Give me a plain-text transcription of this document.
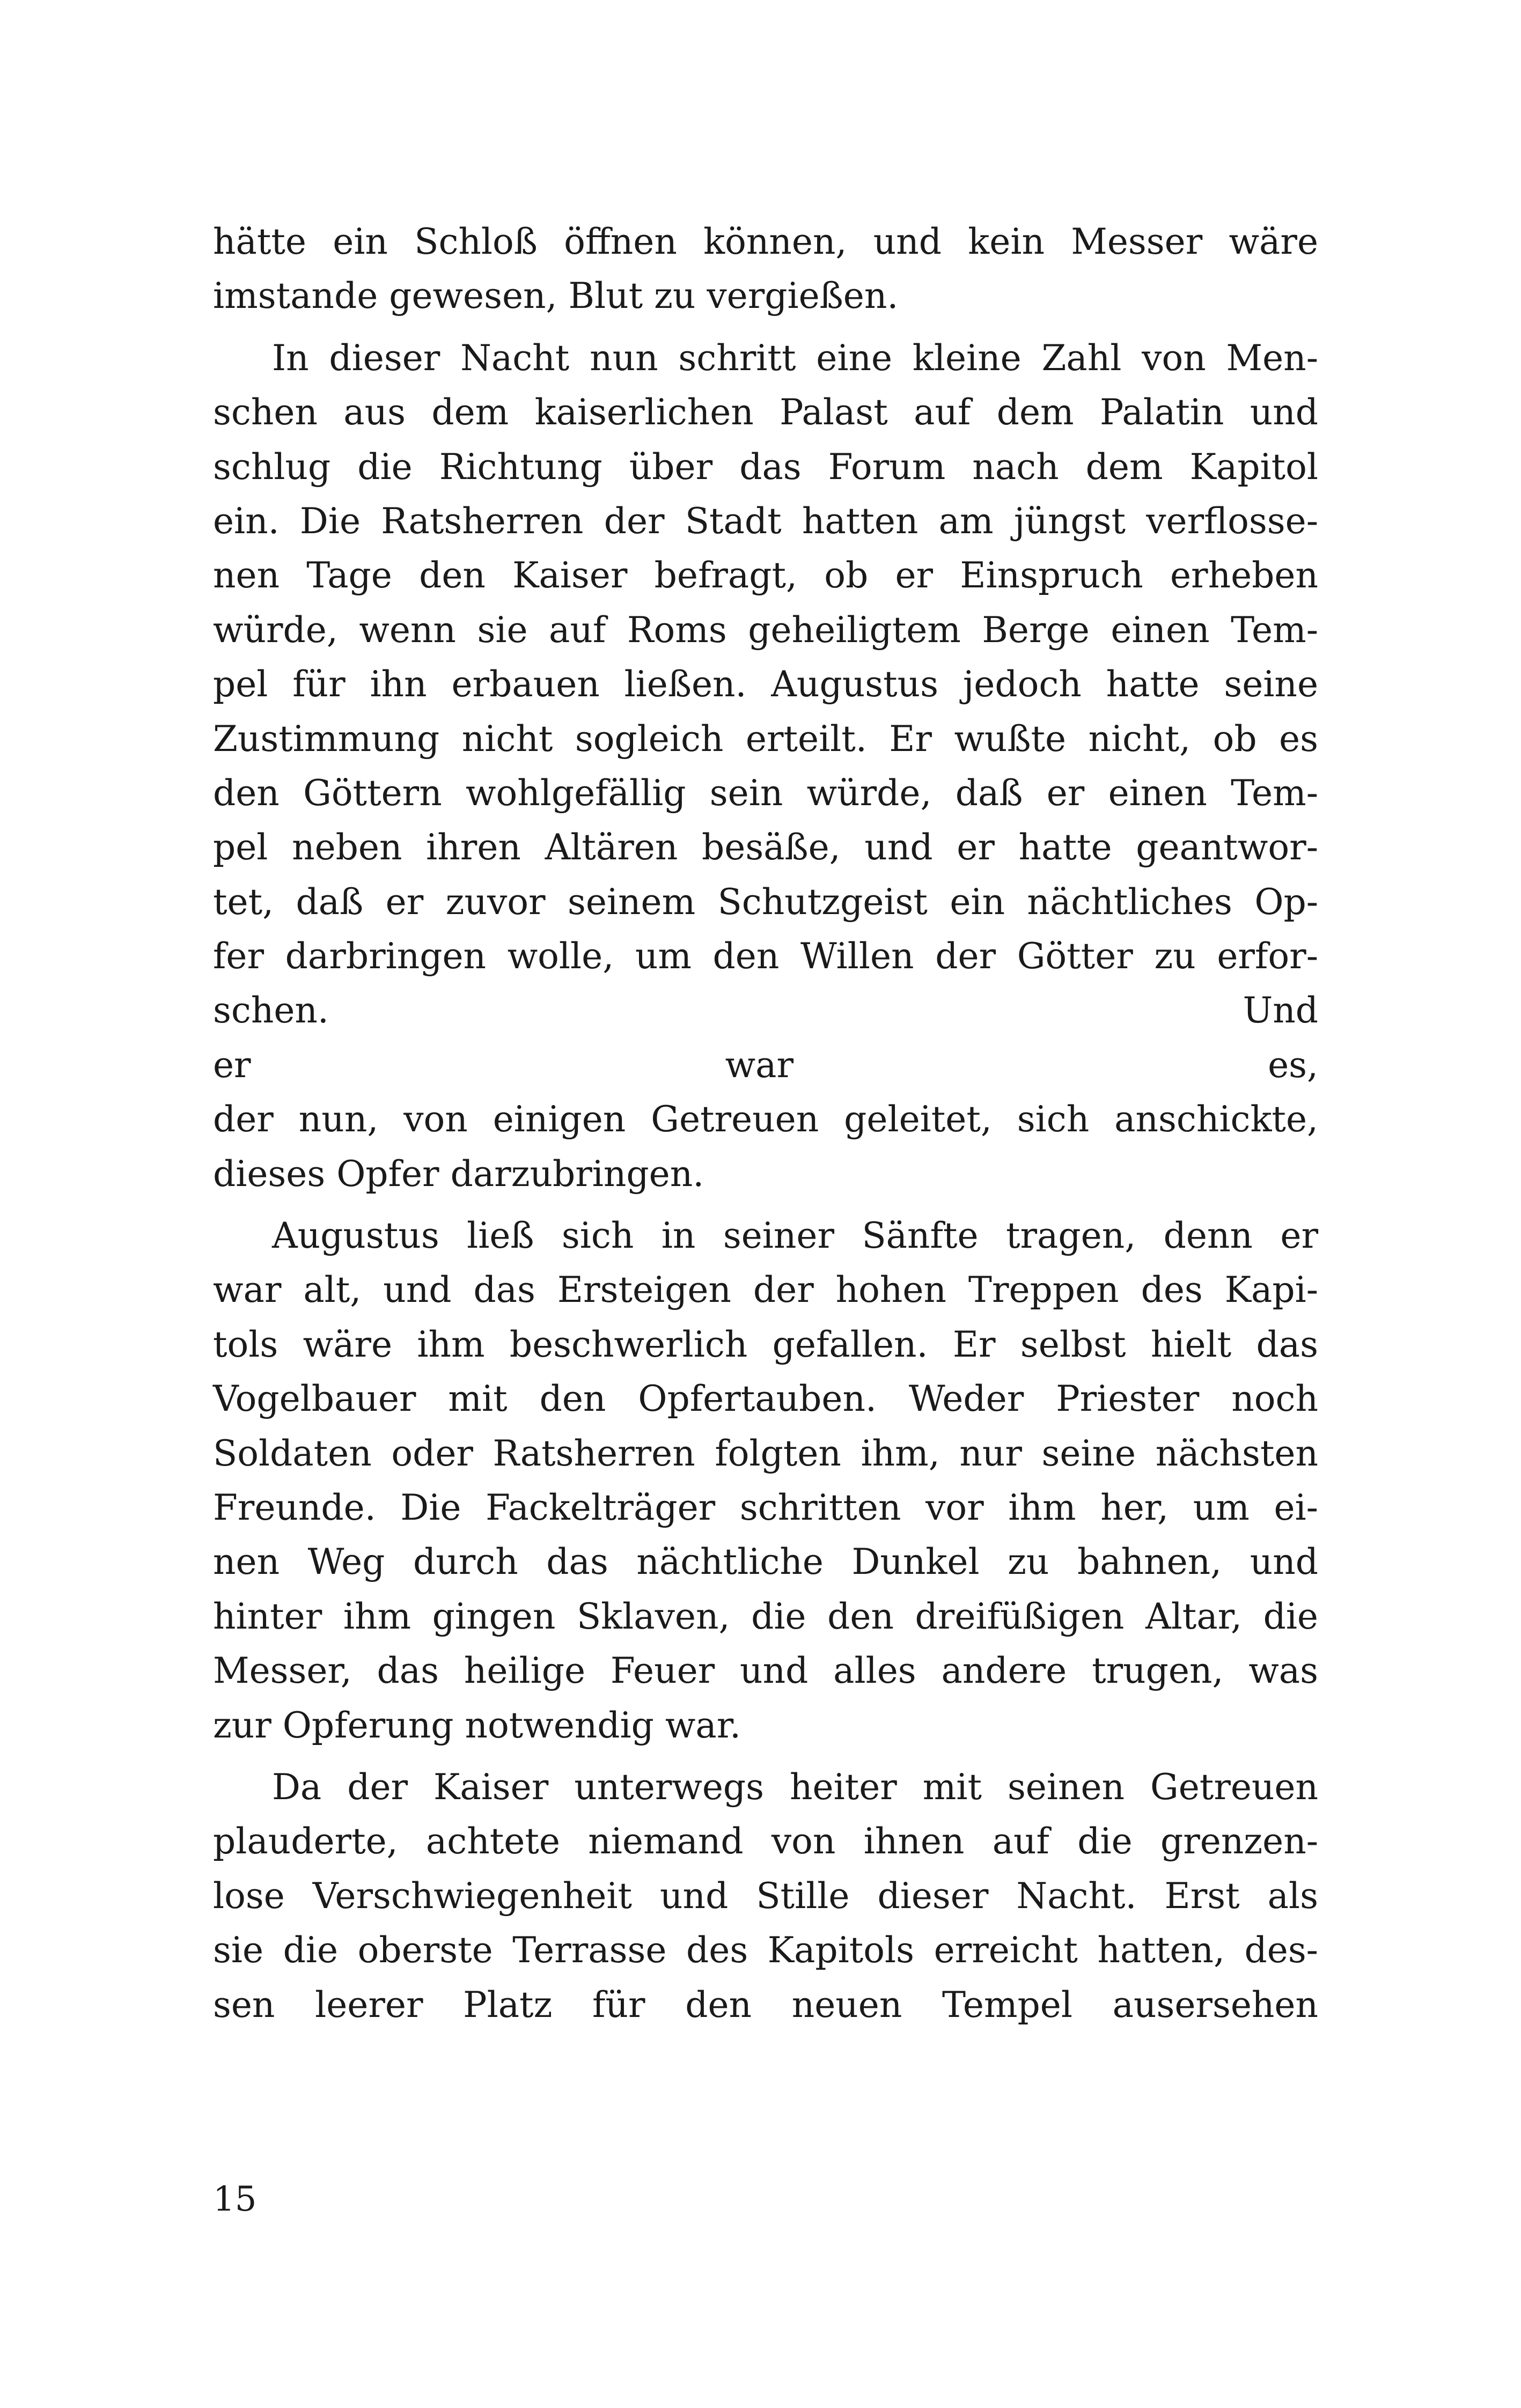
hätte ein Schloß öffnen können, und kein Messer wäre
imstande gewesen, Blut zu vergießen.
In dieser Nacht nun schritt eine kleine Zahl von Men-
schen aus dem kaiserlichen Palast auf dem Palatin und
schlug die Richtung über das Forum nach dem Kapitol
ein. Die Ratsherren der Stadt hatten am jüngst verflosse-
nen Tage den Kaiser befragt, ob er Einspruch erheben
würde, wenn sie auf Roms geheiligtem Berge einen Tem-
pel für ihn erbauen ließen. Augustus jedoch hatte seine
Zustimmung nicht sogleich erteilt. Er wußte nicht, ob es
den Göttern wohlgefällig sein würde, daß er einen Tem-
pel neben ihren Altären besäße, und er hatte geantwor-
tet, daß er zuvor seinem Schutzgeist ein nächtliches Op-
fer darbringen wolle, um den Willen der Götter zu erfor-
schen. Und
er war es,
der nun, von einigen Getreuen geleitet, sich anschickte,
dieses Opfer darzubringen.
Augustus ließ sich in seiner Sänfte tragen, denn er
war alt, und das Ersteigen der hohen Treppen des Kapi-
tols wäre ihm beschwerlich gefallen. Er selbst hielt das
Vogelbauer mit den Opfertauben. Weder Priester noch
Soldaten oder Ratsherren folgten ihm, nur seine nächsten
Freunde. Die Fackelträger schritten vor ihm her, um ei-
nen Weg durch das nächtliche Dunkel zu bahnen, und
hinter ihm gingen Sklaven, die den dreifüßigen Altar, die
Messer, das heilige Feuer und alles andere trugen, was
zur Opferung notwendig war.
Da der Kaiser unterwegs heiter mit seinen Getreuen
plauderte, achtete niemand von ihnen auf die grenzen-
lose Verschwiegenheit und Stille dieser Nacht. Erst als
sie die oberste Terrasse des Kapitols erreicht hatten, des-
sen leerer Platz für den neuen Tempel ausersehen
15
